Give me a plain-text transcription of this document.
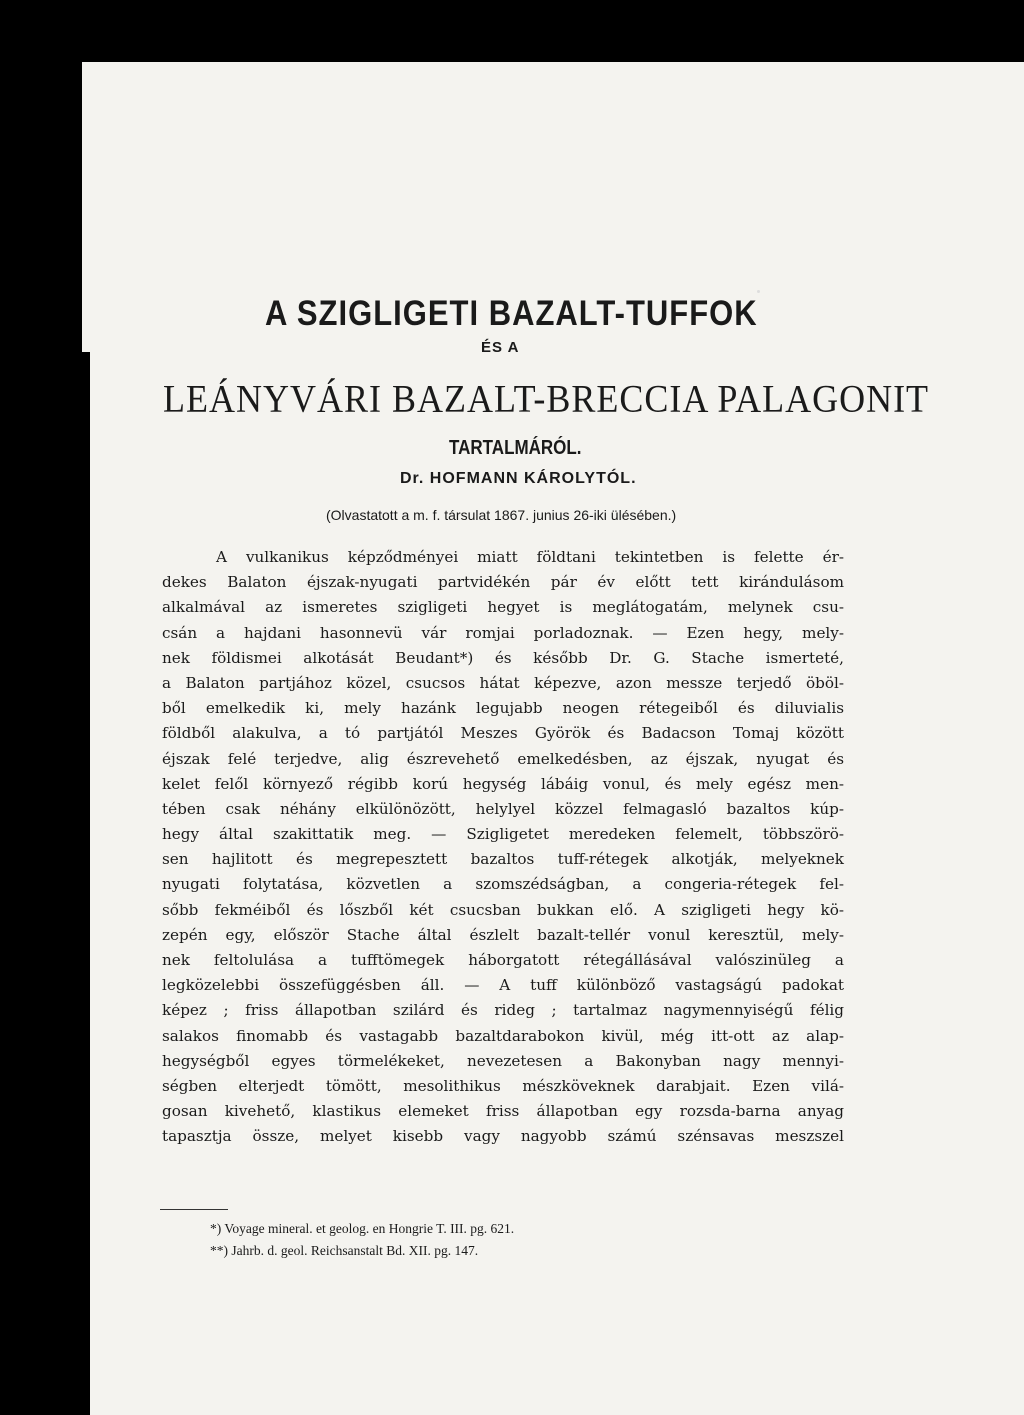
A SZIGLIGETI BAZALT-TUFFOK
ÉS A
LEÁNYVÁRI BAZALT-BRECCIA PALAGONIT
TARTALMÁRÓL.
Dr. HOFMANN KÁROLYTÓL.
(Olvastatott a m. f. társulat 1867. junius 26-iki ülésében.)
A vulkanikus képződményei miatt földtani tekintetben is felette ér-
dekes Balaton éjszak-nyugati partvidékén pár év előtt tett kirándulásom
alkalmával az ismeretes szigligeti hegyet is meglátogatám, melynek csu-
csán a hajdani hasonnevü vár romjai porladoznak. — Ezen hegy, mely-
nek földismei alkotását Beudant*) és később Dr. G. Stache ismerteté,
a Balaton partjához közel, csucsos hátat képezve, azon messze terjedő öböl-
ből emelkedik ki, mely hazánk legujabb neogen rétegeiből és diluvialis
földből alakulva, a tó partjától Meszes Györök és Badacson Tomaj között
éjszak felé terjedve, alig észrevehető emelkedésben, az éjszak, nyugat és
kelet felől környező régibb korú hegység lábáig vonul, és mely egész men-
tében csak néhány elkülönözött, helylyel közzel felmagasló bazaltos kúp-
hegy által szakittatik meg. — Szigligetet meredeken felemelt, többszörö-
sen hajlitott és megrepesztett bazaltos tuff-rétegek alkotják, melyeknek
nyugati folytatása, közvetlen a szomszédságban, a congeria-rétegek fel-
sőbb fekméiből és lőszből két csucsban bukkan elő. A szigligeti hegy kö-
zepén egy, először Stache által észlelt bazalt-tellér vonul keresztül, mely-
nek feltolulása a tufftömegek háborgatott rétegállásával valószinüleg a
legközelebbi összefüggésben áll. — A tuff különböző vastagságú padokat
képez ; friss állapotban szilárd és rideg ; tartalmaz nagymennyiségű félig
salakos finomabb és vastagabb bazaltdarabokon kivül, még itt-ott az alap-
hegységből egyes törmelékeket, nevezetesen a Bakonyban nagy mennyi-
ségben elterjedt tömött, mesolithikus mészköveknek darabjait. Ezen vilá-
gosan kivehető, klastikus elemeket friss állapotban egy rozsda-barna anyag
tapasztja össze, melyet kisebb vagy nagyobb számú szénsavas meszszel
*) Voyage mineral. et geolog. en Hongrie T. III. pg. 621.
**) Jahrb. d. geol. Reichsanstalt Bd. XII. pg. 147.
